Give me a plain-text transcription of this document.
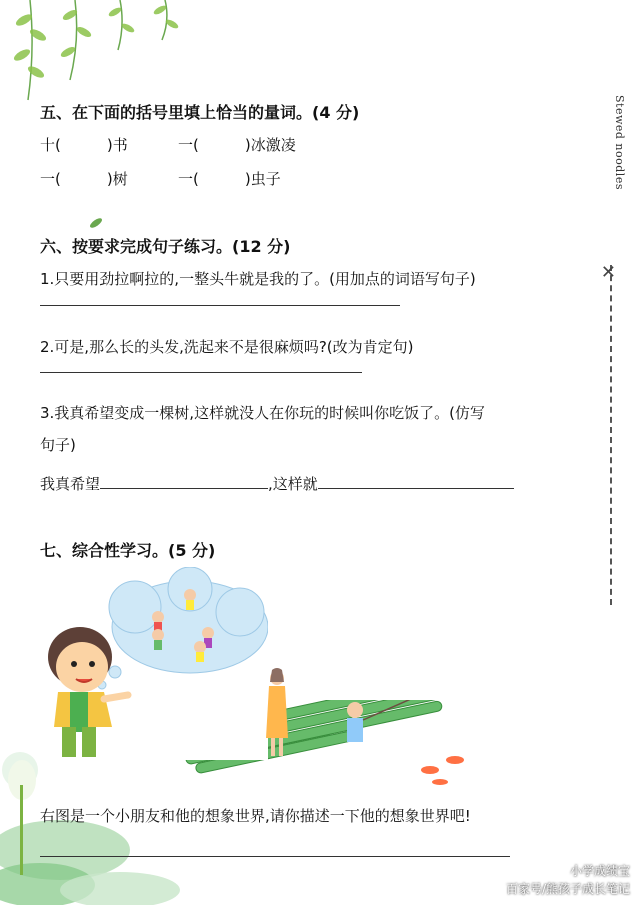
Stewed noodles
✕
五、在下面的括号里填上恰当的量词。(4 分)
十(	)书	一(	)冰激凌
一(	)树	一(	)虫子
六、按要求完成句子练习。(12 分)
1.只要用劲拉啊拉的,一整头牛就是我的了。(用加点的词语写句子)
2.可是,那么长的头发,洗起来不是很麻烦吗?(改为肯定句)
3.我真希望变成一棵树,这样就没人在你玩的时候叫你吃饭了。(仿写
句子)
我真希望	,这样就
七、综合性学习。(5 分)
右图是一个小朋友和他的想象世界,请你描述一下他的想象世界吧!
小学成绩宝
百家号/熊孩子成长笔记
